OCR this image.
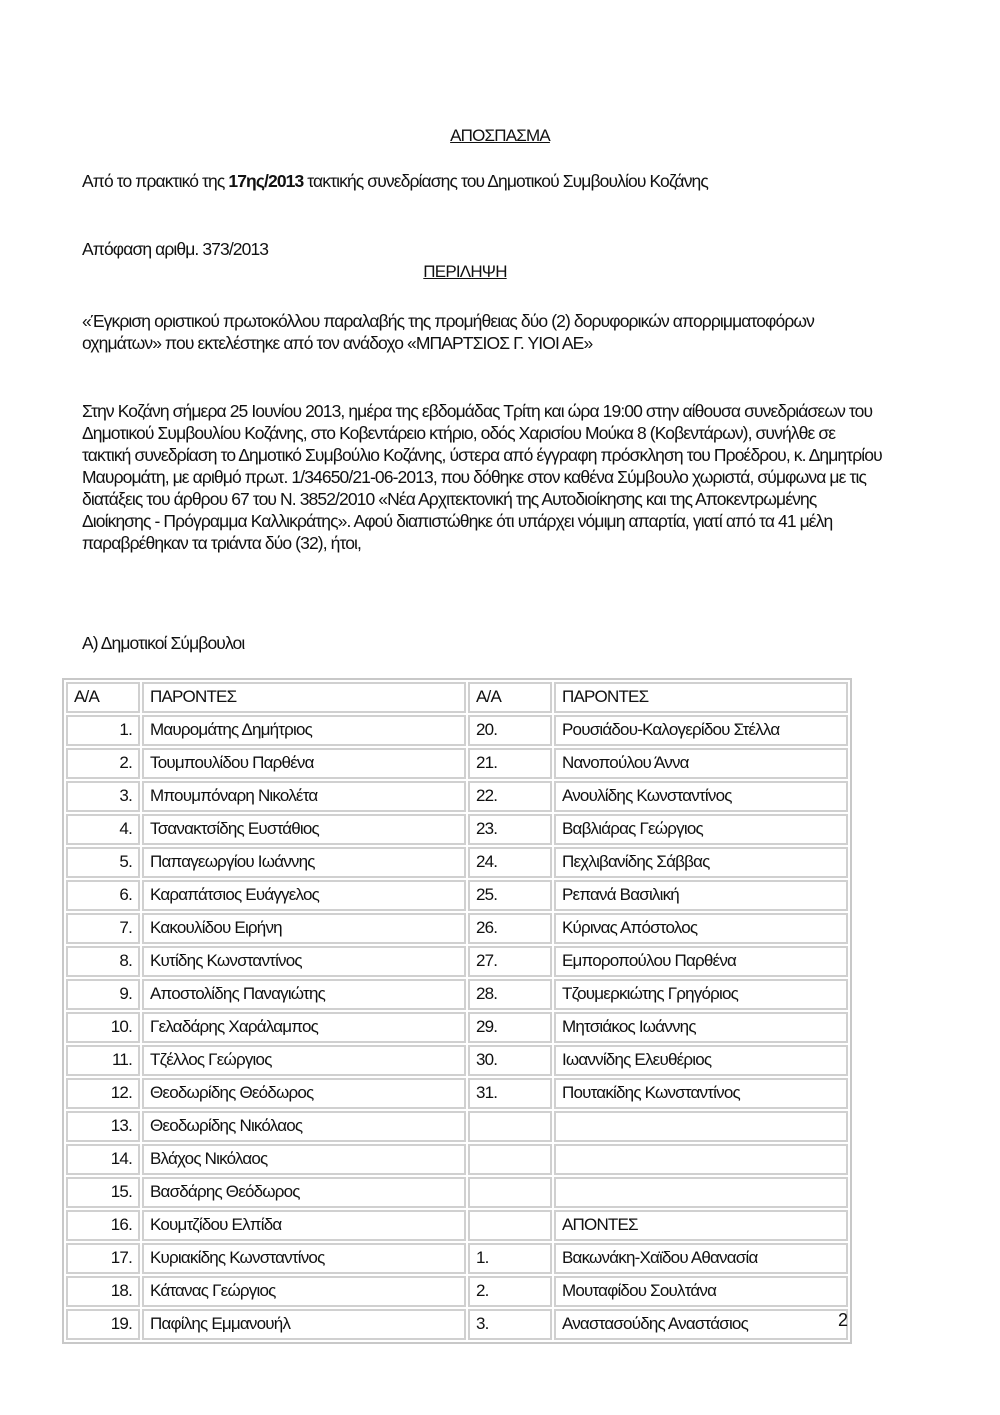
ΑΠΟΣΠΑΣΜΑ
Από το πρακτικό της 17ης/2013 τακτικής συνεδρίασης του Δημοτικού Συμβουλίου Κοζάνης
Απόφαση αριθμ. 373/2013
ΠΕΡΙΛΗΨΗ
«Έγκριση οριστικού πρωτοκόλλου παραλαβής της προμήθειας δύο (2) δορυφορικών απορριμματοφόρων οχημάτων» που εκτελέστηκε από τον ανάδοχο «ΜΠΑΡΤΣΙΟΣ Γ. ΥΙΟΙ ΑΕ»
Στην Κοζάνη σήμερα 25 Ιουνίου 2013, ημέρα της εβδομάδας Τρίτη και ώρα 19:00 στην αίθουσα συνεδριάσεων του Δημοτικού Συμβουλίου Κοζάνης, στο Κοβεντάρειο κτήριο, οδός Χαρισίου Μούκα 8 (Κοβεντάρων), συνήλθε σε τακτική συνεδρίαση το Δημοτικό Συμβούλιο Κοζάνης, ύστερα από έγγραφη πρόσκληση του Προέδρου, κ. Δημητρίου Μαυρομάτη, με αριθμό πρωτ. 1/34650/21-06-2013, που δόθηκε στον καθένα Σύμβουλο χωριστά, σύμφωνα με τις διατάξεις του άρθρου 67 του Ν. 3852/2010 «Νέα Αρχιτεκτονική της Αυτοδιοίκησης και της Αποκεντρωμένης Διοίκησης - Πρόγραμμα Καλλικράτης». Αφού διαπιστώθηκε ότι υπάρχει νόμιμη απαρτία, γιατί από τα 41 μέλη παραβρέθηκαν τα τριάντα δύο (32), ήτοι,
Α) Δημοτικοί Σύμβουλοι
Α/Α	ΠΑΡΟΝΤΕΣ	Α/Α	ΠΑΡΟΝΤΕΣ
1.	Μαυρομάτης Δημήτριος	20.	Ρουσιάδου-Καλογερίδου Στέλλα
2.	Τουμπουλίδου Παρθένα	21.	Νανοπούλου Άννα
3.	Μπουμπόναρη Νικολέτα	22.	Ανουλίδης Κωνσταντίνος
4.	Τσανακτσίδης Ευστάθιος	23.	Βαβλιάρας Γεώργιος
5.	Παπαγεωργίου Ιωάννης	24.	Πεχλιβανίδης Σάββας
6.	Καραπάτσιος Ευάγγελος	25.	Ρεπανά Βασιλική
7.	Κακουλίδου Ειρήνη	26.	Κύρινας Απόστολος
8.	Κυτίδης Κωνσταντίνος	27.	Εμποροπούλου Παρθένα
9.	Αποστολίδης Παναγιώτης	28.	Τζουμερκιώτης Γρηγόριος
10.	Γελαδάρης Χαράλαμπος	29.	Μητσιάκος Ιωάννης
11.	Τζέλλος Γεώργιος	30.	Ιωαννίδης Ελευθέριος
12.	Θεοδωρίδης Θεόδωρος	31.	Πουτακίδης Κωνσταντίνος
13.	Θεοδωρίδης Νικόλαος		
14.	Βλάχος Νικόλαος		
15.	Βασδάρης Θεόδωρος		
16.	Κουμτζίδου Ελπίδα		ΑΠΟΝΤΕΣ
17.	Κυριακίδης Κωνσταντίνος	1.	Βακωνάκη-Χαϊδου Αθανασία
18.	Κάτανας Γεώργιος	2.	Μουταφίδου Σουλτάνα
19.	Παφίλης Εμμανουήλ	3.	Αναστασούδης Αναστάσιος	2
